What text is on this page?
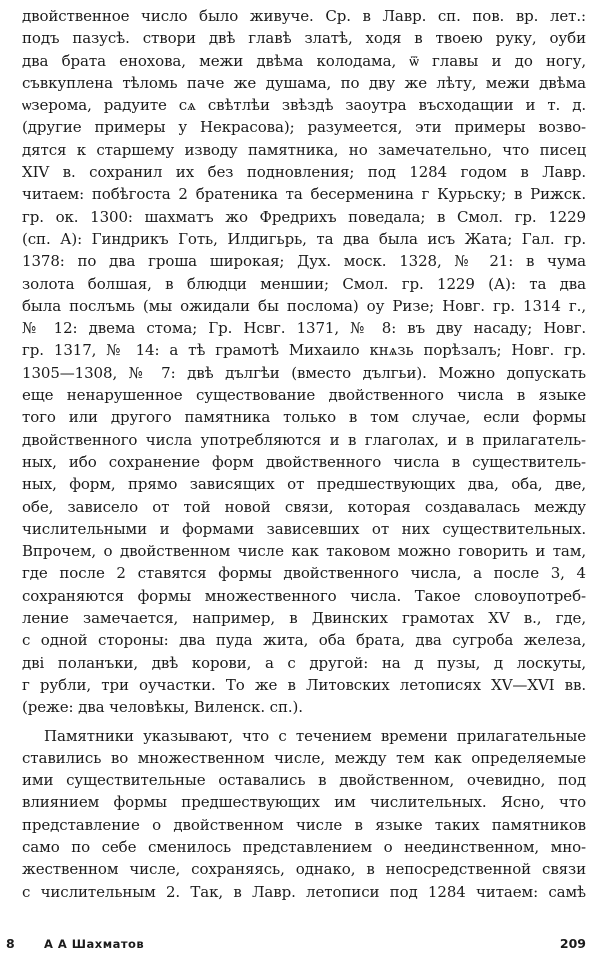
двойственное число было живуче. Ср. в Лавр. сп. пов. вр. лет.:
подъ пазусѣ. створи двѣ главѣ златѣ, ходя в твоею руку, оуби
два брата енохова, межи двѣма колодама, ѿ главы и до ногу,
съвкуплена тѣломь паче же душама, по дву же лѣту, межи двѣма
ѡзерома, радуите сѧ свѣтлѣи звѣздѣ заоутра въсходащии и т. д.
(другие примеры у Некрасова); разумеется, эти примеры возво-
дятся к старшему изводу памятника, но замечательно, что писец
XIV в. сохранил их без подновления; под 1284 годом в Лавр.
читаем: побѣгоста 2 братеника та бесерменина г Курьску; в Рижск.
гр. ок. 1300: шахматъ жо Фредрихъ поведала; в Смол. гр. 1229
(сп. А): Гиндрикъ Готь, Илдигьрь, та два была исъ Жата; Гал. гр.
1378: по два гроша широкая; Дух. моск. 1328, № 21: в чума
золота болшая, в блюдци меншии; Смол. гр. 1229 (А): та два
была послъмь (мы ожидали бы послома) оу Ризе; Новг. гр. 1314 г.,
№ 12: двема стома; Гр. Нсвг. 1371, № 8: въ дву насаду; Новг.
гр. 1317, № 14: а тѣ грамотѣ Михаило кнѧзь порѣзалъ; Новг. гр.
1305—1308, № 7: двѣ дългѣи (вместо дългьи). Можно допускать
еще ненарушенное существование двойственного числа в языке
того или другого памятника только в том случае, если формы
двойственного числа употребляются и в глаголах, и в прилагатель-
ных, ибо сохранение форм двойственного числа в существитель-
ных, форм, прямо зависящих от предшествующих два, оба, две,
обе, зависело от той новой связи, которая создавалась между
числительными и формами зависевших от них существительных.
Впрочем, о двойственном числе как таковом можно говорить и там,
где после 2 ставятся формы двойственного числа, а после 3, 4
сохраняются формы множественного числа. Такое словоупотреб-
ление замечается, например, в Двинских грамотах XV в., где,
с одной стороны: два пуда жита, оба брата, два сугроба железа,
двi поланъки, двѣ корови, а с другой: на д пузы, д лоскуты,
г рубли, три оучастки. То же в Литовских летописях XV—XVI вв.
(реже: два человѣкы, Виленск. сп.).
Памятники указывают, что с течением времени прилагательные
ставились во множественном числе, между тем как определяемые
ими существительные оставались в двойственном, очевидно, под
влиянием формы предшествующих им числительных. Ясно, что
представление о двойственном числе в языке таких памятников
само по себе сменилось представлением о неединственном, мно-
жественном числе, сохраняясь, однако, в непосредственной связи
с числительным 2. Так, в Лавр. летописи под 1284 читаем: самѣ
8	А А Шахматов	209
